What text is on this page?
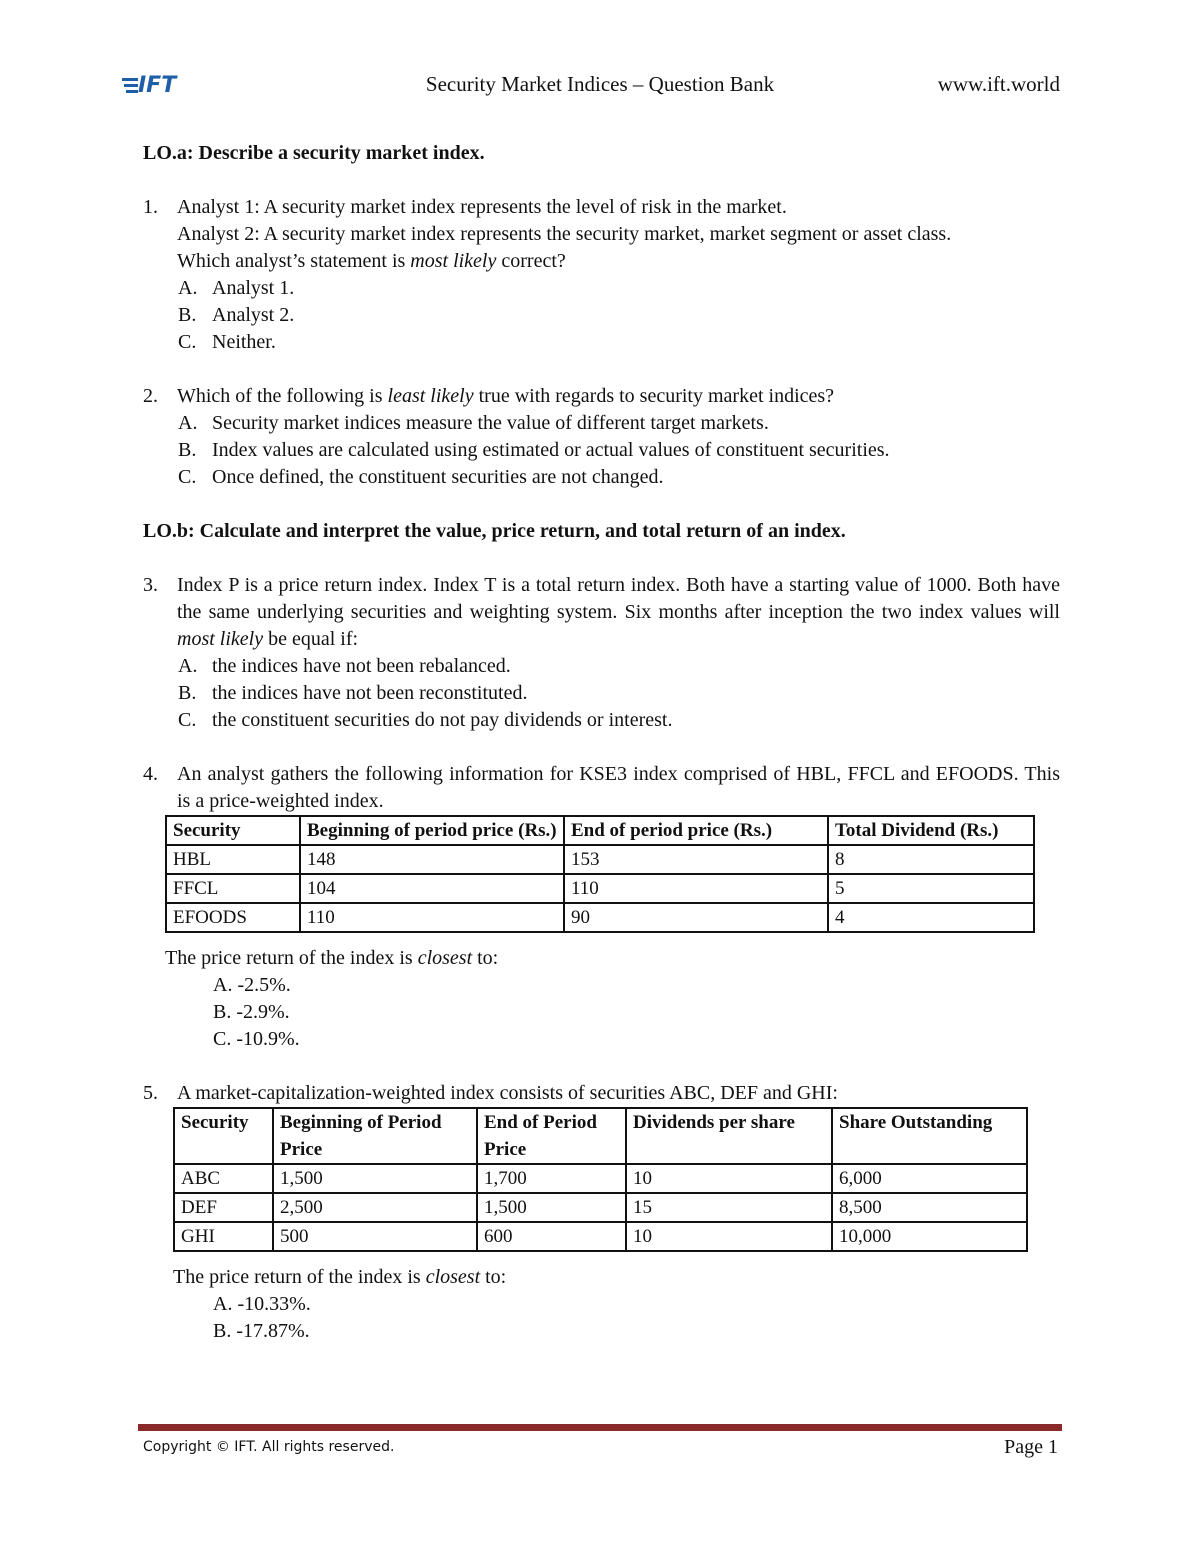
IFT	Security Market Indices – Question Bank	www.ift.world

LO.a: Describe a security market index.

1. Analyst 1: A security market index represents the level of risk in the market.
Analyst 2: A security market index represents the security market, market segment or asset class.
Which analyst’s statement is most likely correct?
A. Analyst 1.
B. Analyst 2.
C. Neither.
2. Which of the following is least likely true with regards to security market indices?
A. Security market indices measure the value of different target markets.
B. Index values are calculated using estimated or actual values of constituent securities.
C. Once defined, the constituent securities are not changed.

LO.b: Calculate and interpret the value, price return, and total return of an index.

3. Index P is a price return index. Index T is a total return index. Both have a starting value of 1000. Both have the same underlying securities and weighting system. Six months after inception the two index values will most likely be equal if:
A. the indices have not been rebalanced.
B. the indices have not been reconstituted.
C. the constituent securities do not pay dividends or interest.
4. An analyst gathers the following information for KSE3 index comprised of HBL, FFCL and EFOODS. This is a price-weighted index.
Security	Beginning of period price (Rs.)	End of period price (Rs.)	Total Dividend (Rs.)
HBL	148	153	8
FFCL	104	110	5
EFOODS	110	90	4
The price return of the index is closest to:
A. -2.5%.
B. -2.9%.
C. -10.9%.
5. A market-capitalization-weighted index consists of securities ABC, DEF and GHI:
Security	Beginning of Period Price	End of Period Price	Dividends per share	Share Outstanding
ABC	1,500	1,700	10	6,000
DEF	2,500	1,500	15	8,500
GHI	500	600	10	10,000
The price return of the index is closest to:
A. -10.33%.
B. -17.87%.
Copyright © IFT. All rights reserved.	Page 1
